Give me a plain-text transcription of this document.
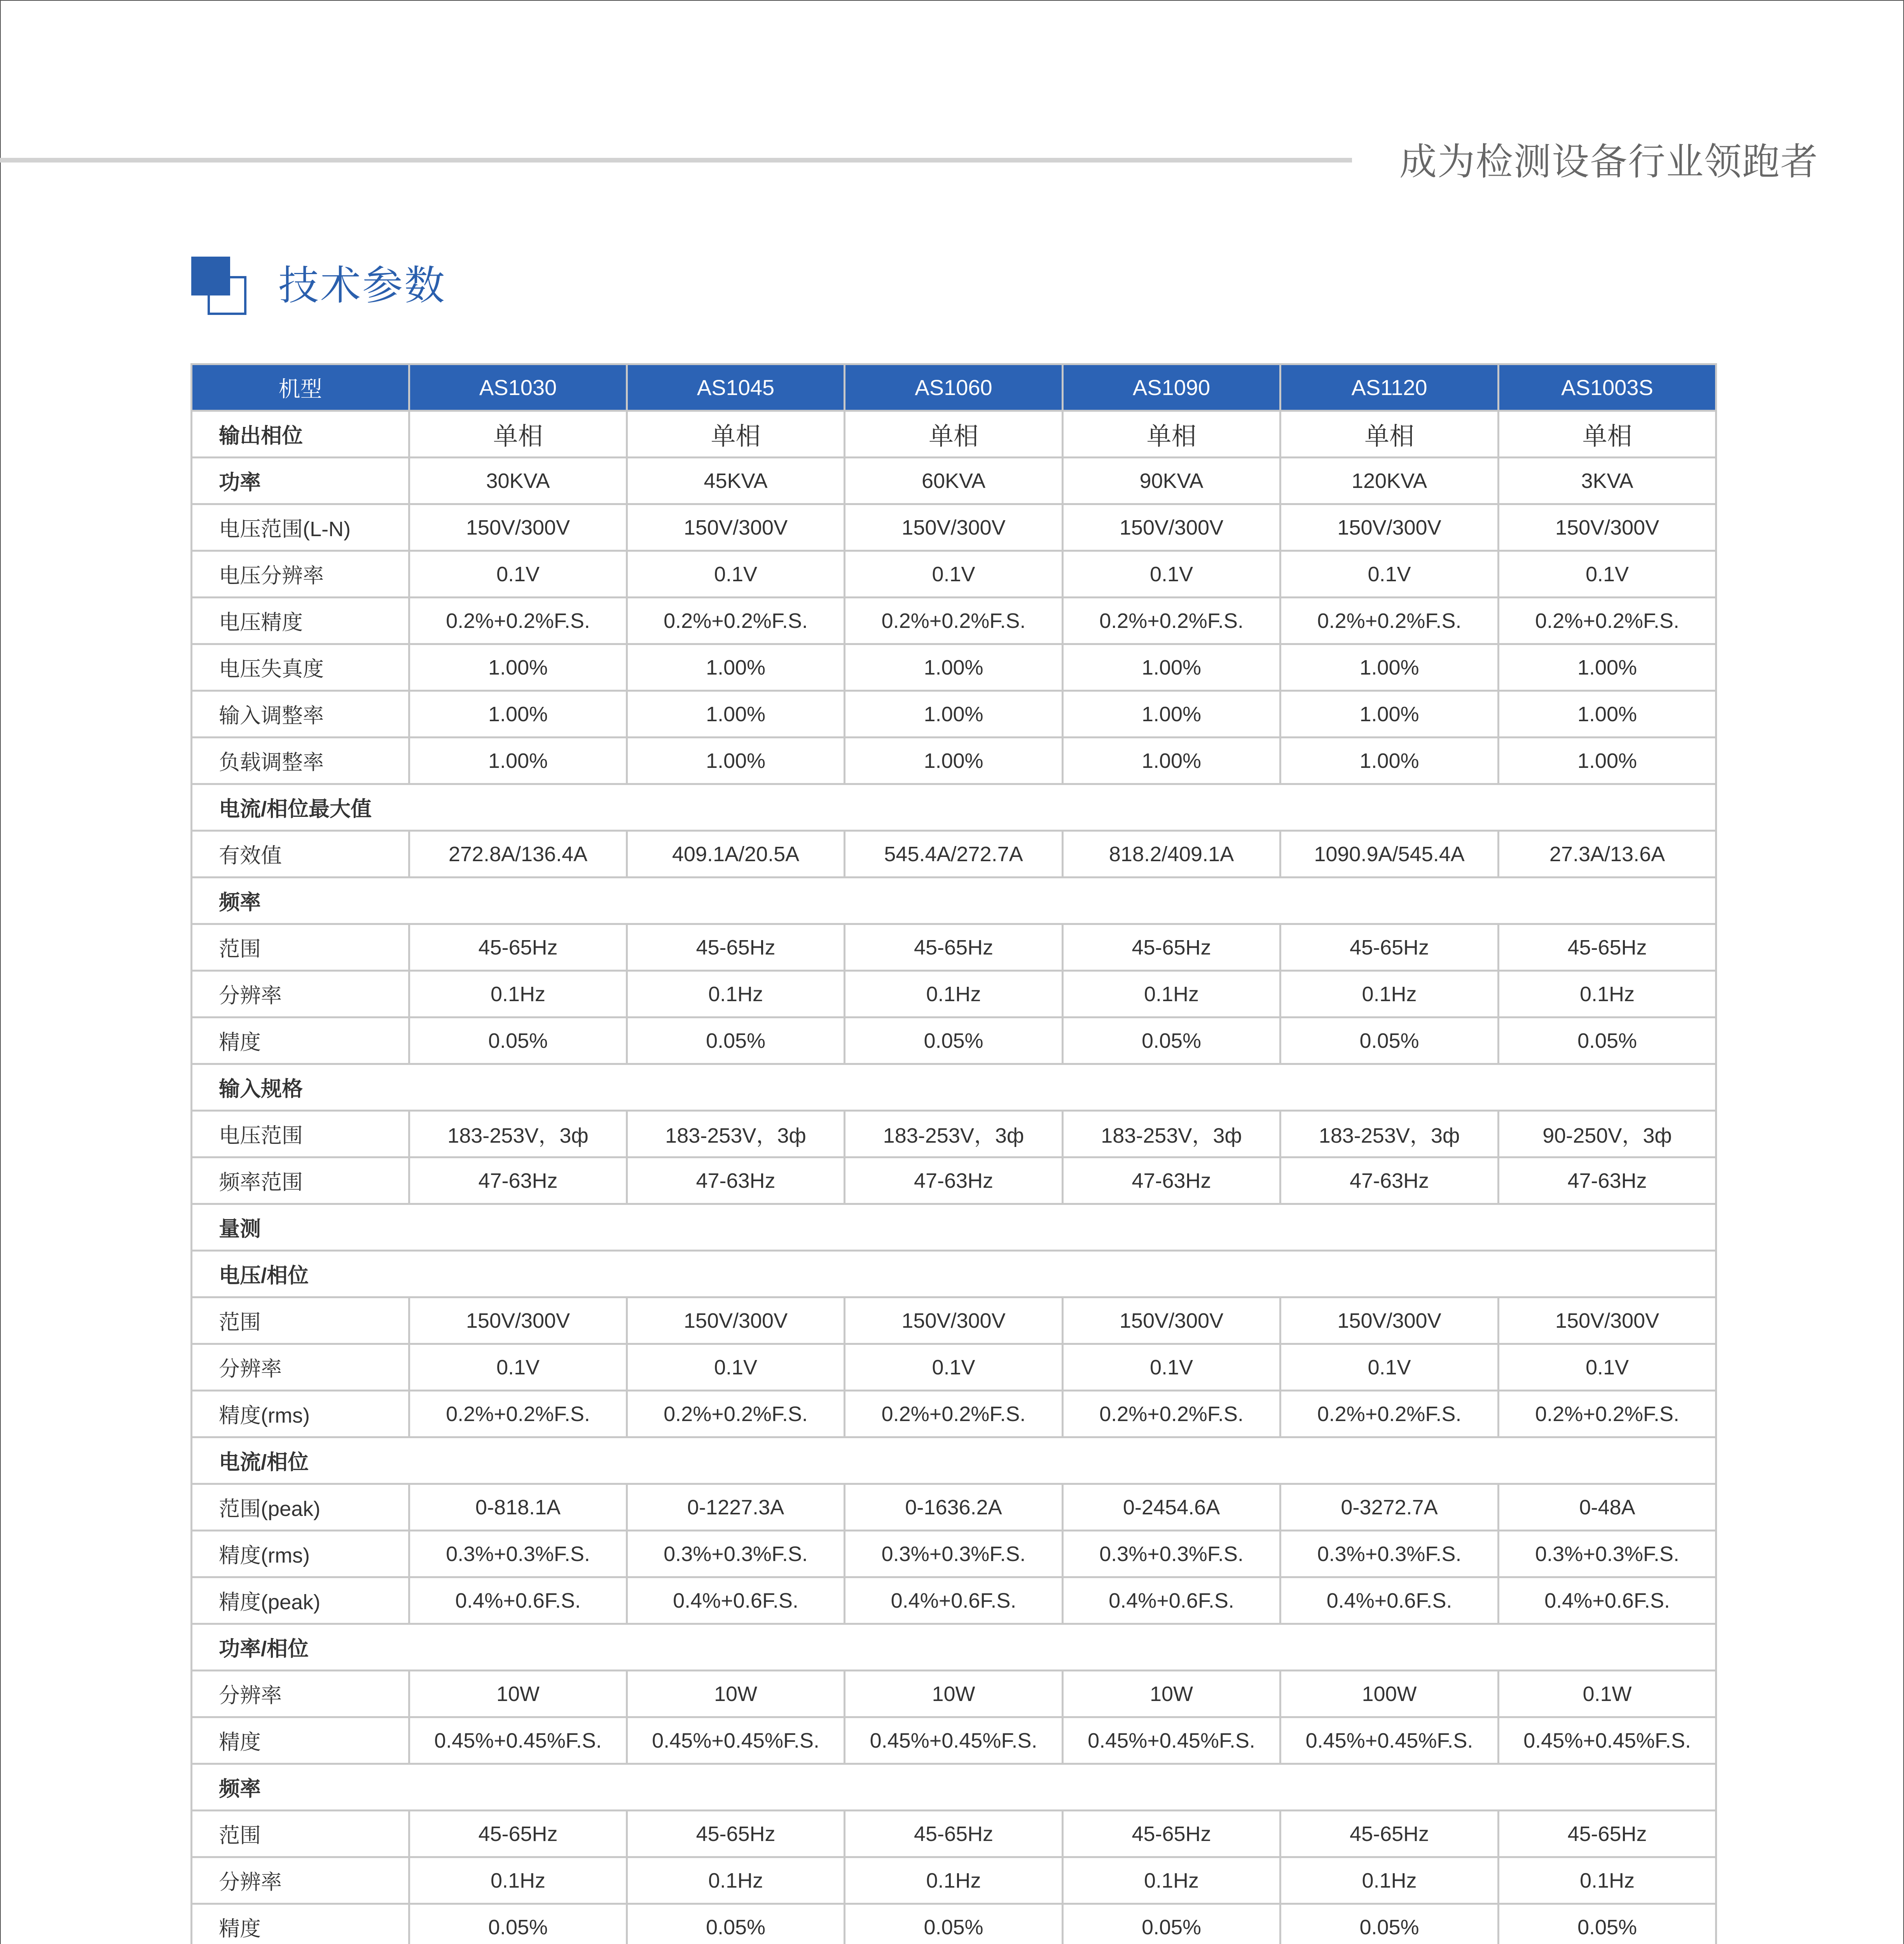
成为检测设备行业领跑者
技术参数
机型	AS1030	AS1045	AS1060	AS1090	AS1120	AS1003S
输出相位	单相	单相	单相	单相	单相	单相
功率	30KVA	45KVA	60KVA	90KVA	120KVA	3KVA
电压范围(L-N)	150V/300V	150V/300V	150V/300V	150V/300V	150V/300V	150V/300V
电压分辨率	0.1V	0.1V	0.1V	0.1V	0.1V	0.1V
电压精度	0.2%+0.2%F.S.	0.2%+0.2%F.S.	0.2%+0.2%F.S.	0.2%+0.2%F.S.	0.2%+0.2%F.S.	0.2%+0.2%F.S.
电压失真度	1.00%	1.00%	1.00%	1.00%	1.00%	1.00%
输入调整率	1.00%	1.00%	1.00%	1.00%	1.00%	1.00%
负载调整率	1.00%	1.00%	1.00%	1.00%	1.00%	1.00%
电流/相位最大值						
有效值	272.8A/136.4A	409.1A/20.5A	545.4A/272.7A	818.2/409.1A	1090.9A/545.4A	27.3A/13.6A
频率						
范围	45-65Hz	45-65Hz	45-65Hz	45-65Hz	45-65Hz	45-65Hz
分辨率	0.1Hz	0.1Hz	0.1Hz	0.1Hz	0.1Hz	0.1Hz
精度	0.05%	0.05%	0.05%	0.05%	0.05%	0.05%
输入规格						
电压范围	183-253V，3ф	183-253V，3ф	183-253V，3ф	183-253V，3ф	183-253V，3ф	90-250V，3ф
频率范围	47-63Hz	47-63Hz	47-63Hz	47-63Hz	47-63Hz	47-63Hz
量测						
电压/相位						
范围	150V/300V	150V/300V	150V/300V	150V/300V	150V/300V	150V/300V
分辨率	0.1V	0.1V	0.1V	0.1V	0.1V	0.1V
精度(rms)	0.2%+0.2%F.S.	0.2%+0.2%F.S.	0.2%+0.2%F.S.	0.2%+0.2%F.S.	0.2%+0.2%F.S.	0.2%+0.2%F.S.
电流/相位						
范围(peak)	0-818.1A	0-1227.3A	0-1636.2A	0-2454.6A	0-3272.7A	0-48A
精度(rms)	0.3%+0.3%F.S.	0.3%+0.3%F.S.	0.3%+0.3%F.S.	0.3%+0.3%F.S.	0.3%+0.3%F.S.	0.3%+0.3%F.S.
精度(peak)	0.4%+0.6F.S.	0.4%+0.6F.S.	0.4%+0.6F.S.	0.4%+0.6F.S.	0.4%+0.6F.S.	0.4%+0.6F.S.
功率/相位						
分辨率	10W	10W	10W	10W	100W	0.1W
精度	0.45%+0.45%F.S.	0.45%+0.45%F.S.	0.45%+0.45%F.S.	0.45%+0.45%F.S.	0.45%+0.45%F.S.	0.45%+0.45%F.S.
频率						
范围	45-65Hz	45-65Hz	45-65Hz	45-65Hz	45-65Hz	45-65Hz
分辨率	0.1Hz	0.1Hz	0.1Hz	0.1Hz	0.1Hz	0.1Hz
精度	0.05%	0.05%	0.05%	0.05%	0.05%	0.05%
